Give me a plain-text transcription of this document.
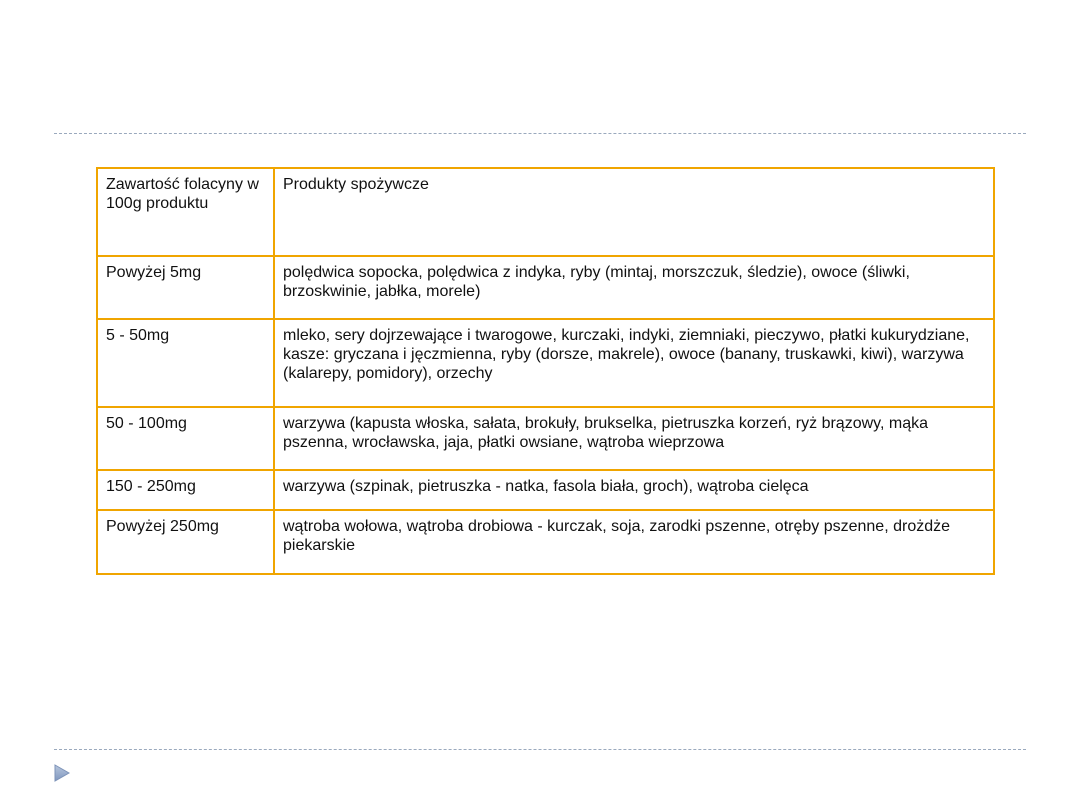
Zawartość folacyny w 100g produktu	Produkty spożywcze
Powyżej 5mg	polędwica sopocka, polędwica z indyka, ryby (mintaj, morszczuk, śledzie), owoce (śliwki, brzoskwinie, jabłka, morele)
5 - 50mg	mleko, sery dojrzewające i twarogowe, kurczaki, indyki, ziemniaki, pieczywo, płatki kukurydziane, kasze: gryczana i jęczmienna, ryby (dorsze, makrele), owoce (banany, truskawki, kiwi), warzywa (kalarepy, pomidory), orzechy
50 - 100mg	warzywa (kapusta włoska, sałata, brokuły, brukselka, pietruszka korzeń, ryż brązowy, mąka pszenna, wrocławska, jaja, płatki owsiane, wątroba wieprzowa
150 - 250mg	warzywa (szpinak, pietruszka - natka, fasola biała, groch), wątroba cielęca
Powyżej 250mg	wątroba wołowa, wątroba drobiowa - kurczak, soja, zarodki pszenne, otręby pszenne, drożdże piekarskie
